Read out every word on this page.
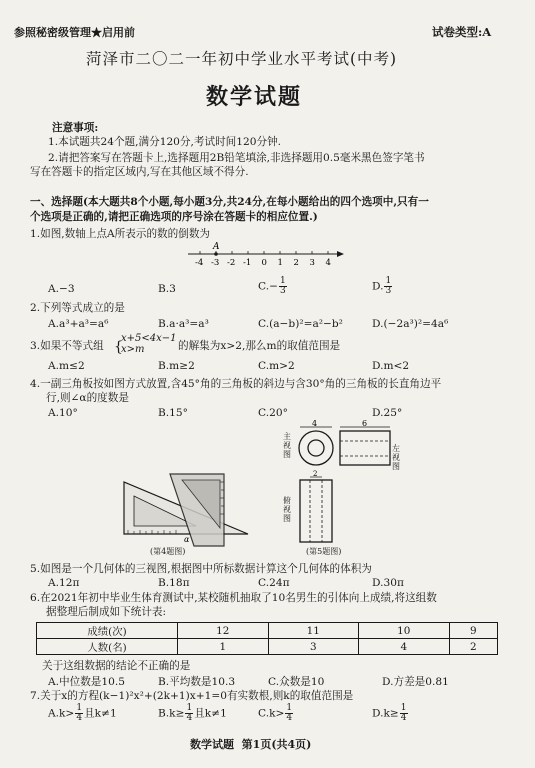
参照秘密级管理★启用前	试卷类型:A
菏泽市二〇二一年初中学业水平考试(中考)
数学试题
注意事项:
1.本试题共24个题,满分120分,考试时间120分钟.
2.请把答案写在答题卡上,选择题用2B铅笔填涂,非选择题用0.5毫米黑色签字笔书
写在答题卡的指定区域内,写在其他区域不得分.
一、选择题(本大题共8个小题,每小题3分,共24分,在每小题给出的四个选项中,只有一
个选项是正确的,请把正确选项的序号涂在答题卡的相应位置.)
1.如图,数轴上点A所表示的数的倒数为
-4 -3 -2 -1 0 1 2 3 4
A
A.−3	B.3	$C.- \frac{1}{3}$	D. $\frac{1}{3}$
2.下列等式成立的是
A.a³+a³=a⁶	B.a·a³=a³	C.(a−b)²=a²−b²	D.(−2a³)²=4a⁶
3.如果不等式组 {
x+5<4x−1
x>m	的解集为x>2,那么m的取值范围是
A.m≤2	B.m≥2	C.m>2	D.m<2
4.一副三角板按如图方式放置,含45°角的三角板的斜边与含30°角的三角板的长直角边平
行,则∠α的度数是
A.10°	B.15°	C.20°	D.25°
α
(第4题图)
4	6
2
主视图
左视图
俯视图
(第5题图)
5.如图是一个几何体的三视图,根据图中所标数据计算这个几何体的体积为
A.12π	B.18π	C.24π	D.30π
6.在2021年初中毕业生体育测试中,某校随机抽取了10名男生的引体向上成绩,将这组数
据整理后制成如下统计表:
成绩(次)	12	11	10	9
人数(名)	1	3	4	2
关于这组数据的结论不正确的是
A.中位数是10.5	B.平均数是10.3	C.众数是10	D.方差是0.81
7.关于x的方程(k−1)²x²+(2k+1)x+1=0有实数根,则k的取值范围是
$A.k> \frac{1}{4}$ 且k≠1	$B.k\ge \frac{1}{4}$ 且k≠1	$C.k> \frac{1}{4}$	$D.k\ge \frac{1}{4}$
数学试题  第1页(共4页)
